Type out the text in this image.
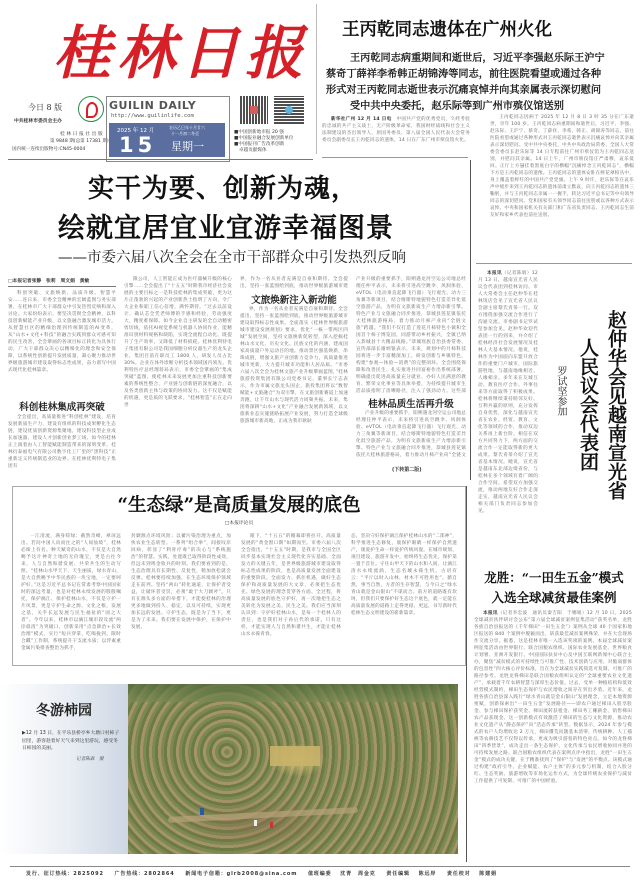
桂林日报
今日 8 版
中共桂林市委员会主办
桂 林 日 报 社 出 版
第 9848 期(总第 17381 期)
国内统一连续出版物号:CN45-0004
GUILIN DAILY
http://www.guilinlife.com
2025 年 12 月
农历乙巳年十月廿六
十一月初二冬至
15 星期一
■中国创新地市报 20 强
■中国报业融合发展创新单位
■中国报刊广告改革创新
卓越贡献媒体
王丙乾同志遗体在广州火化
王丙乾同志病重期间和逝世后，习近平李强赵乐际王沪宁
蔡奇丁薛祥李希韩正胡锦涛等同志，前往医院看望或通过各种
形式对王丙乾同志逝世表示沉痛哀悼并向其亲属表示深切慰问
受中共中央委托，赵乐际等到广州市殡仪馆送别

新华社广州 12 月 14 日电　 中国共产党的优秀党员，久经考验的忠诚的共产主义战士，无产阶级革命家，我国财经战线和社会主义法制建设的杰出领导人，原国务委员、第八届全国人民代表大会常务委员会副委员长王丙乾同志的遗体，14 日在广东广州市殡仪馆火化。

王丙乾同志因病于 2025 年 12 月 8 日 3 时 35 分在广东逝世，享年 100 岁。王丙乾同志病重期间和逝世后，习近平、李强、赵乐际、王沪宁、蔡奇、丁薛祥、李希、韩正、胡锦涛等同志，前往医院看望或通过各种形式对王丙乾同志逝世表示沉痛哀悼并向其亲属表示深切慰问。受中共中央委托，中共中央政治局常委、全国人大常委会委员长赵乐际等 14 日专程前往广州市殡仪馆为王丙乾同志送别，并慰问其亲属。14 日上午，广州市殡仪馆庄严肃穆，哀乐低回。正厅上方悬挂着黑底白字的横幅“沉痛悼念王丙乾同志”，横幅下方是王丙乾同志的遗像。王丙乾同志的遗体安卧在鲜花翠柏丛中，身上覆盖着鲜红的中国共产党党旗。上午 9 时许，赵乐际等在哀乐声中缓步来到王丙乾同志的遗体前肃立默哀，向王丙乾同志的遗体三鞠躬，并与王丙乾同志亲属一一握手，转达习近平总书记等中央领导同志的深切慰问。党和国家有关领导同志前往送别或以各种方式表示哀悼。中央和国家机关有关部门和广东省负责同志、王丙乾同志生前友好和家乡代表也前往送别。

实干为要、创新为魂，
绘就宜居宜业宜游幸福图景
——市委六届八次全会在全市干部群众中引发热烈反响
□本报记者张静　张莉　周文娟　黄敏

科创突破、文旅焕新、品质升级、智慧平安……连日来，市委全会精神的宏阔蓝图与务实部署，在桂林市广大干部群众中引发热烈反响和深入讨论。大家纷纷表示，要坚决贯彻全会精神，以科技创新赋能产业升级，以文旅融合激发城市活力。从智慧社区的精细治理到传统制造的AI变革，从“山水+文化+科技”的融合实践到群众可感可知的民生改善，全会擘画的各项目标正转化为具体行动，广大干部群众决心以精细化的理念和安全保障，以系统性创新提升发展质量，凝心聚力推动世界级旅游城市建设取得标志性成果，奋力谱写中国式现代化桂林篇章。

科创桂林集成再突破

全会提出，高质量推进“科创桂林”建设，培育发展新质生产力，建设有组织的科技成果孵化生态链，建设优质创新资源集聚地，建设科技型企业成长加速器，建设人才创新创业梦工场。如今的桂林正上演着由人工智能赋能制造带来的深刻变革，桂林衍泰福电气有限公司数字化工厂里的“黑科技”正重新定义传统制造业的边界。在桂林优利特电子集团有

限公司，人工智能正成为医疗器械升级的核心引擎……全会提出了“十五五”时期我市经济社会发展的主要目标之一是科技桂林的集成突破，更为这片正蓬勃的兴起的产业创新热土指明了方向，令广大企业和职工信心倍增，满怀期待。“过去以前设计、确认芯全凭老师傅的手感和经验，劳动强度大，精度难保障。如今企业自主研发的全自动精密剪切线，依托AI视觉系统与机器人协同作业，能精准识别材料规格和缺陷，实现全流程自动化。既提升了生产效率，又降低了材料损耗。桂林优利特电子集团有限公司是我国细胞分析仪器生产的龙头企业，集团目前在职员工 1800 人，研发人员占比 30%。企业在体外诊断分析技术领域国内领先。优利特医疗总经理蒋局表示，市委全会擘画的“集成突破”蓝图，使桂林未来发展更加注重科技创新要素的系统性整合，产业链与创新链的深度融合，以及各类创新主体与政策的协同发力。这不仅是赋能的机遇，更是质的飞跃要求。“桂林智造”正在走向世

界，作为一名从业者充满是自豪和期待。全会提出，坚持一张蓝图绘到底，推动世界级旅游城市建

文旅焕新注入新动能

界，作为一名从业者充满是自豪和期待。全会提出，坚持一张蓝图绘到底，推动世界级旅游城市建设取得标志性成果。全面落实《桂林世界级旅游城市建设发展规划》要求，优化“一核一带两区四城”发展空间，坚持文旅焕新促转型，深入挖掘桂林山水文化、历史文化、民族文化的内涵，建成国家高质量户外运动目的地。推动景区强基焕新，串珠成链，增强文旅产业创新力竞争力，高质量推进城市更新，大力提升城市功能和人居品质。“市委六届八次全会为桂林文旅产业升级擘画蓝图，”桂林旅游投资集团有限公司党委书记、董事长宁志表示，作为市属文旅龙头国企，旅投集团将以“数智赋能+文旅融合”为双引擎，在文旅创新赛道上加速奔跑，让千年山水与现代活力同频共振。未来，集团将深耕“山水+文化”产业融合发展新领域，以文旅新业态实施链路拓展产业发展，努力打造全球级旅游城市新高地，正成为我市耿耿

产业升级的重要抓手，阳朔遇龙河空运公司地总经理任仲平表示，未来将引进高空跳伞、风洞体验、eVTOL（电动垂直起降飞行器）飞行观光、动力三角翼等新项目，结合喀斯特地貌特色打造差异化低空旅游产品，为明有文旅新质生产力增添新引擎。特色产业与文旅融合同步推进，恭城县莲花镇依托大桂林旅游格局，着力推动月柿产业向“全链文旅”跨越。“我们不仅打造了莲花月柿特色小镇和全国首个柿子博览园，同游带动乡村振兴，全镇已纳入恭城县十大精品线路。”恭城瑶族自治县委常委、宣传部部长谢炳银表示，未来，规划中的月柿科技园将进一步丰富精深加工，研发创新与乡镇特色，构建“参观—体验—消费”的完整闭环。全会围绕保障和改善民生、扎实推进共同富裕作出系统部署，明确提出促进高质量充分就业、办好人民满意的教育、繁荣文化事业等具体举措，为持续提升城市生活品质指明了清晰路径，注入了强劲动力。这些部

桂林品质生活再升级

产业升级的重要抓手，阳朔遇龙河空运公司地总经理任仲平表示，未来将引进高空跳伞、风洞体验、eVTOL（电动垂直起降飞行器）飞行观光、动力三角翼等新项目，结合喀斯特地貌特色打造差异化低空旅游产品，为明有文旅新质生产力增添新引擎。特色产业与文旅融合同步推进，恭城县莲花镇依托大桂林旅游格局，着力推动月柿产业向“全链文

(下转第二版)

本报讯（记者陈娟）12 月 13 日，越南宣光省人民议会代表团到桂林访问。市人大常委会主任赵仲华在桂林饭店会见了宣光省人民议会副主席黎氏青茶一行。双方围绕加强交流合作进行了沟通交流。市委副书记罗试坚参加会见。赵仲华欢迎代表团一行的到来，并介绍了桂林经济社会发展情况及桂林人大基本情况。他说，桂林作为中国面向东盟开放合作的重要门户城市，国际旅游胜地，与越南地缘相近、人缘相亲。多年来在友城互动、教育医疗合作、外事往来等方面取得了积极成果。桂林将继续秉持睦邻友好、互利共赢的原则，充分发挥自身优势，深化与越南宣光省在农业、经贸、教育、文化等领域的合作，推动双边关系再上新台阶。相信在双方共同努力下，两方面的交流合作一定能取得新的更大成果。黎氏青茶介绍了宣光省基本情况。她说，宣光省是越南东北部边境省份，与桂林在多个领域有着广阔的合作空间。希望双方加强交流，推动两地友好合作走深走实。越南宣光省人民议会相关部门负责同志参加会见。

赵仲华会见越南宣光省
人民议会代表团
罗试坚参加
“生态绿”是高质量发展的底色
□本报评论员

一江清流，满身嗟绿；截然奇峰，翠屏远出。若问中国人向而往之的“人间仙境”，桂林必缔上有名。种天赋奇的山水，不仅是大自然赐予这片神奇土地的无价瑰宝，更是古往今来，人与自然和谐发展、共荣共生的生动写照。“桂林山水甲天下，天生丽质，绿水青山，是大自然赐予中华民族的一块宝地，一定要呵护好。”这是习近平总书记在常肃考察中国国家时的深远考量，也是对桂林永续发展的殷殷嘱托，保护漓江、保护桂林山水，不仅是守护一片风景，更是守护生命之源、文化之根、发展之基，关乎长远发展与民生福祉的“国之大者”。今年以来，桂林市以漓江城市段及流“两岸稳清”为突破口，创新采用“点急除治+长效治理”模式，实行“短兵穿掌、吃喝拢到、限时合瓤”工作制，系统提升干支流水质；以浮素重金属污染排查整治为抓手，

封剿源点环境风险；以蓄污染治理为重点，加快农业生态转型。一系列“组合拳”，间接叹岸回病，彰显了“利骨疗毒”的决心与“系统施治”的智慧。实践，处置既已取得阶段性成效，但远未到鸣金收兵的时刻。我们要看到的是，生态治理具有长期性、反复性，稍加放松就会反弹。桂林要持续加强，在生态环境保护领域走在前列。坚持“两山”转化通道，让保护者受益，让破坏者受罚，必须“敢于大刀阔斧”。只有在源头多方面的举措下，才能使桂林的治理更多地做到持久、稳定，以及可持续，实现更加长远的发展。守护生态，既是为了当下，更是为了未来。我们要在发展中保护，在保护中发展。

眼下，“十五五”的帷幕即将拉开。高质量发展的“黄金窗口期”如期而至。市委六届八次全会指出，“十五五”时期，是我市与全国全区同步基本实现社会主义现代化夯实基础、全面发力的关键五年，是世界级旅游城市建设取得标志性成果的阶段，也是高质量发展全面建设的重要阶段。全面发力、抓住机遇，做好生态保护和高质量发展的大文章，必须把生态优先、绿色发展的理念贯穿各方面、全过程，将高质量发展的底色守护好，再一次地把生态之美转化为发展之美、民生之美。我们应当深刻认识到：守护好桂林山水，是每一个桂林人的责任，也是我们对子孙后代的承诺。只有这样，才能实现人与自然和谐共生，才能让桂林山水永葆青春。

态，坚决守好保护漓江保护桂林山水的“二郎神”，科学推进生态修复，康保护眼睛一样保护自然遗产，康爱护生命一样爱护传统风貌。在城市规划、项目建设、旅游开发中，始终将生态优先，保护第一置于首位。守住山甲天下的山水和人间，让漓江清水永续流淌，生态名城永葆生机。古语有云：“平斤以时入山林，材木不可胜用也”。循自然，事当自然，方者的生存智慧，与今日之“绿水青山就是金山银山”不谋而合。前方的道路既有坎坷，但我们只要保护好生态这个底色，就一定能在高质量发展的道路上走得更稳、更远，书写新时代桂林生态文明建设的崭新篇章。

冬游柿园
▶12 月 13 日，在平乐县桥亭乡大塘口村柿子园里，游客趁着好天气来到这里游玩，感受冬日柿园的美丽。
记者陈森　摄
龙胜：“一田生五金”模式
入选全球减贫最佳案例

本报讯（记者李忠波　通讯员秦吉阳　于娜娟）12 月 10 日，2025 全球减贫伙伴研讨会公布“第六届全球减贫案例征集活动”获奖名单，龙胜各族自治县报送的《千年梯田“一田生五金”》案例从全球 40 个国家和地区报送的 840 个案例中脱颖而出，斩获最佳减贫案例殊荣，并在大会现场作交流分享。据悉，这是桂林市唯一入选该奖项的案例。本届全球减贫案例征集活动由世界银行、联合国粮农组织、国际农业发展基金、世界粮食计划署、亚洲开发银行、中国国际扶贫中心及中国互联网新闻中心联合主办，聚焦“减贫模式的可持续性与可推广性、技术创新与应用、对脆弱群体的包容性”四大核心评价标准，旨在为全球减贫实践筒选可复制、可推广的路径参考。龙胜龙脊梯田是联合国粮农组织认定的“全球重要农业文化遗产”，承载着千年农耕智慧与深厚生态价值。过去，受单一种植结构和低效经营模式制约，梯田生态保护与农民增收之间存在突出矛盾。近年来，龙胜各族自治县深入践行“绿水青山就是金山银山”发展理念，立足本地资源禀赋，创新探索出“一田生五金”发展路径——即农户通过梯田入股享股金、参与梯田保护获奖金、梯田流转获租金、梯田务工赚薪金、销售梯田农产品获现金。这一创新模式有效激活了梯田的生态与文化资源，推动农业文化遗产从“静态保护”向“活态传承”转型。数据显示，2024 年参与模式的农户人均增收达 2 万元，梯田撂荒问题基本清零，传统耕种、人工插秧等农耕技艺不仅得以传承，更成为吸引游客的特色亮点。如今的龙脊梯田“四季皆景”，成功走出一条生态保护、文化传承与农民增收协同并进的可持续发展之路。联合国粮农组织代表在案例点评中指出，龙胜“一田生五金”模式的成功关键，在于精准找到了“保护”与“发展”的平衡点。该模式通过构建“政府引导、企业赋能、农户主体”的多元参与机制，结合入股分红、生态奖励、旅游增收等市场化运作方式，为全球传统农业保护与减贫工作提供了可复制、可推广的中国经验。

发行、征订热线：2825092 广告热线：2802864 新闻电子信箱：glrb2008@sina.com 值班编委 沈青　周金克 责任编辑 陈远岸 责任校对 陈建娟
